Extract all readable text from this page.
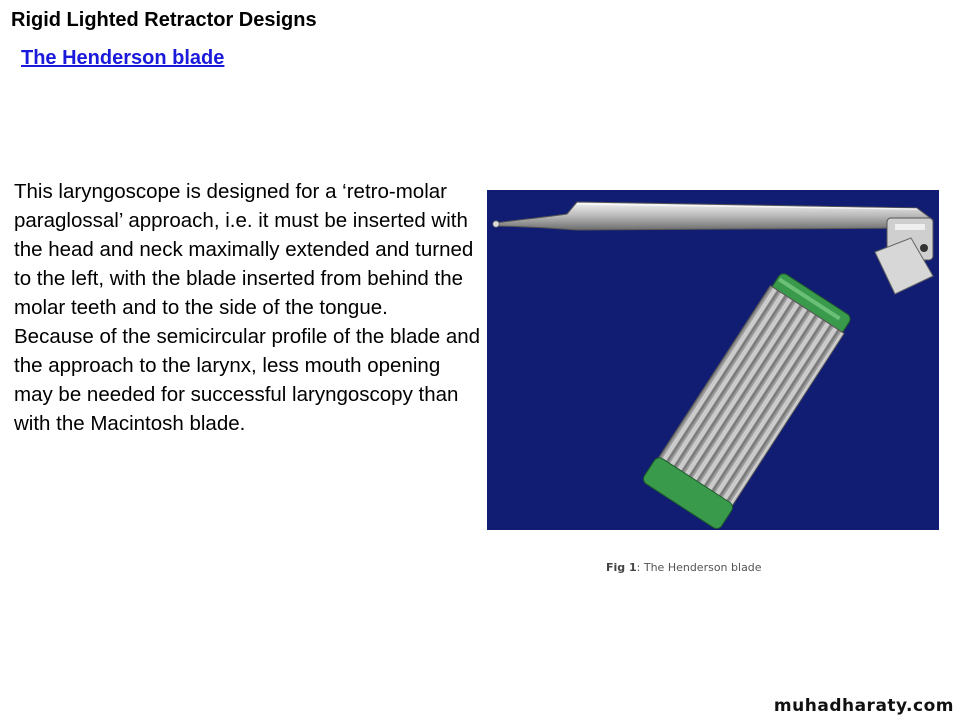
Rigid Lighted Retractor Designs
The Henderson blade

This laryngoscope is designed for a ‘retro-molar paraglossal’ approach, i.e. it must be inserted with the head and neck maximally extended and turned to the left, with the blade inserted from behind the molar teeth and to the side of the tongue.

Because of the semicircular profile of the blade and the approach to the larynx, less mouth opening may be needed for successful laryngoscopy than with the Macintosh blade.

Fig 1: The Henderson blade
muhadharaty.com
